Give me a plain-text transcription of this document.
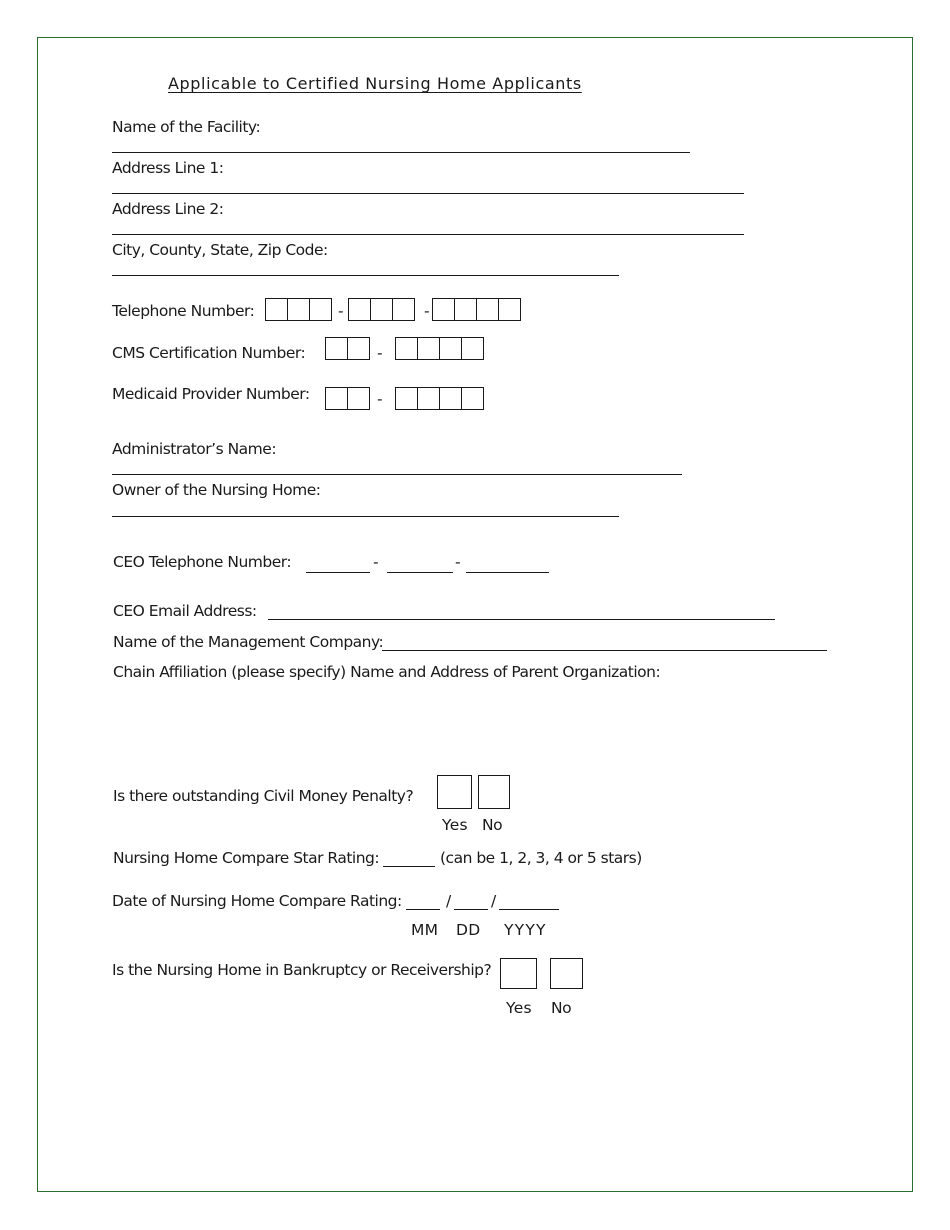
Applicable to Certified Nursing Home Applicants
Name of the Facility:
Address Line 1:
Address Line 2:
City, County, State, Zip Code:
Telephone Number:	-	-
CMS Certification Number:	-
Medicaid Provider Number:	-
Administrator’s Name:
Owner of the Nursing Home:
CEO Telephone Number:	-	-
CEO Email Address:
Name of the Management Company:
Chain Affiliation (please specify) Name and Address of Parent Organization:
Is there outstanding Civil Money Penalty?
Yes No
Nursing Home Compare Star Rating:	(can be 1, 2, 3, 4 or 5 stars)
Date of Nursing Home Compare Rating:	/	/
MM DD YYYY
Is the Nursing Home in Bankruptcy or Receivership?
Yes No
